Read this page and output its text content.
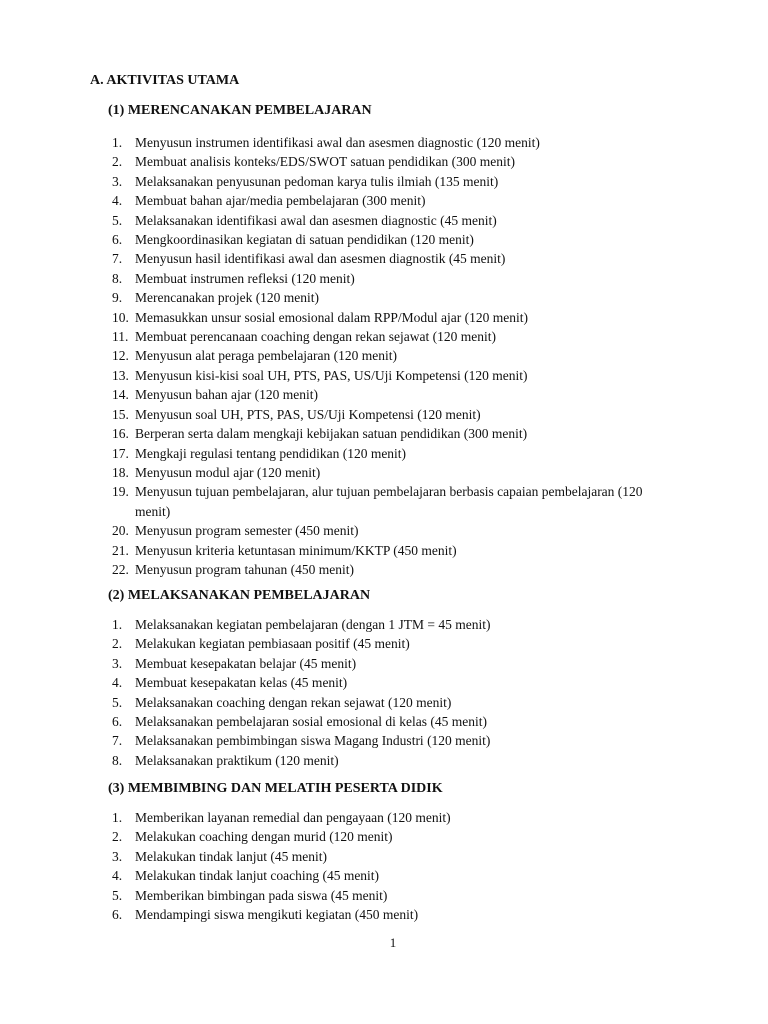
A. AKTIVITAS UTAMA
(1) MERENCANAKAN PEMBELAJARAN
1. Menyusun instrumen identifikasi awal dan asesmen diagnostic (120 menit)
2. Membuat analisis konteks/EDS/SWOT satuan pendidikan (300 menit)
3. Melaksanakan penyusunan pedoman karya tulis ilmiah (135 menit)
4. Membuat bahan ajar/media pembelajaran (300 menit)
5. Melaksanakan identifikasi awal dan asesmen diagnostic (45 menit)
6. Mengkoordinasikan kegiatan di satuan pendidikan (120 menit)
7. Menyusun hasil identifikasi awal dan asesmen diagnostik (45 menit)
8. Membuat instrumen refleksi (120 menit)
9. Merencanakan projek (120 menit)
10. Memasukkan unsur sosial emosional dalam RPP/Modul ajar (120 menit)
11. Membuat perencanaan coaching dengan rekan sejawat (120 menit)
12. Menyusun alat peraga pembelajaran (120 menit)
13. Menyusun kisi-kisi soal UH, PTS, PAS, US/Uji Kompetensi (120 menit)
14. Menyusun bahan ajar (120 menit)
15. Menyusun soal UH, PTS, PAS, US/Uji Kompetensi (120 menit)
16. Berperan serta dalam mengkaji kebijakan satuan pendidikan (300 menit)
17. Mengkaji regulasi tentang pendidikan (120 menit)
18. Menyusun modul ajar (120 menit)
19. Menyusun tujuan pembelajaran, alur tujuan pembelajaran berbasis capaian pembelajaran (120 menit)
20. Menyusun program semester (450 menit)
21. Menyusun kriteria ketuntasan minimum/KKTP (450 menit)
22. Menyusun program tahunan (450 menit)
(2) MELAKSANAKAN PEMBELAJARAN
1. Melaksanakan kegiatan pembelajaran (dengan 1 JTM = 45 menit)
2. Melakukan kegiatan pembiasaan positif (45 menit)
3. Membuat kesepakatan belajar (45 menit)
4. Membuat kesepakatan kelas (45 menit)
5. Melaksanakan coaching dengan rekan sejawat (120 menit)
6. Melaksanakan pembelajaran sosial emosional di kelas (45 menit)
7. Melaksanakan pembimbingan siswa Magang Industri (120 menit)
8. Melaksanakan praktikum (120 menit)
(3) MEMBIMBING DAN MELATIH PESERTA DIDIK
1. Memberikan layanan remedial dan pengayaan (120 menit)
2. Melakukan coaching dengan murid (120 menit)
3. Melakukan tindak lanjut (45 menit)
4. Melakukan tindak lanjut coaching (45 menit)
5. Memberikan bimbingan pada siswa (45 menit)
6. Mendampingi siswa mengikuti kegiatan (450 menit)
1
